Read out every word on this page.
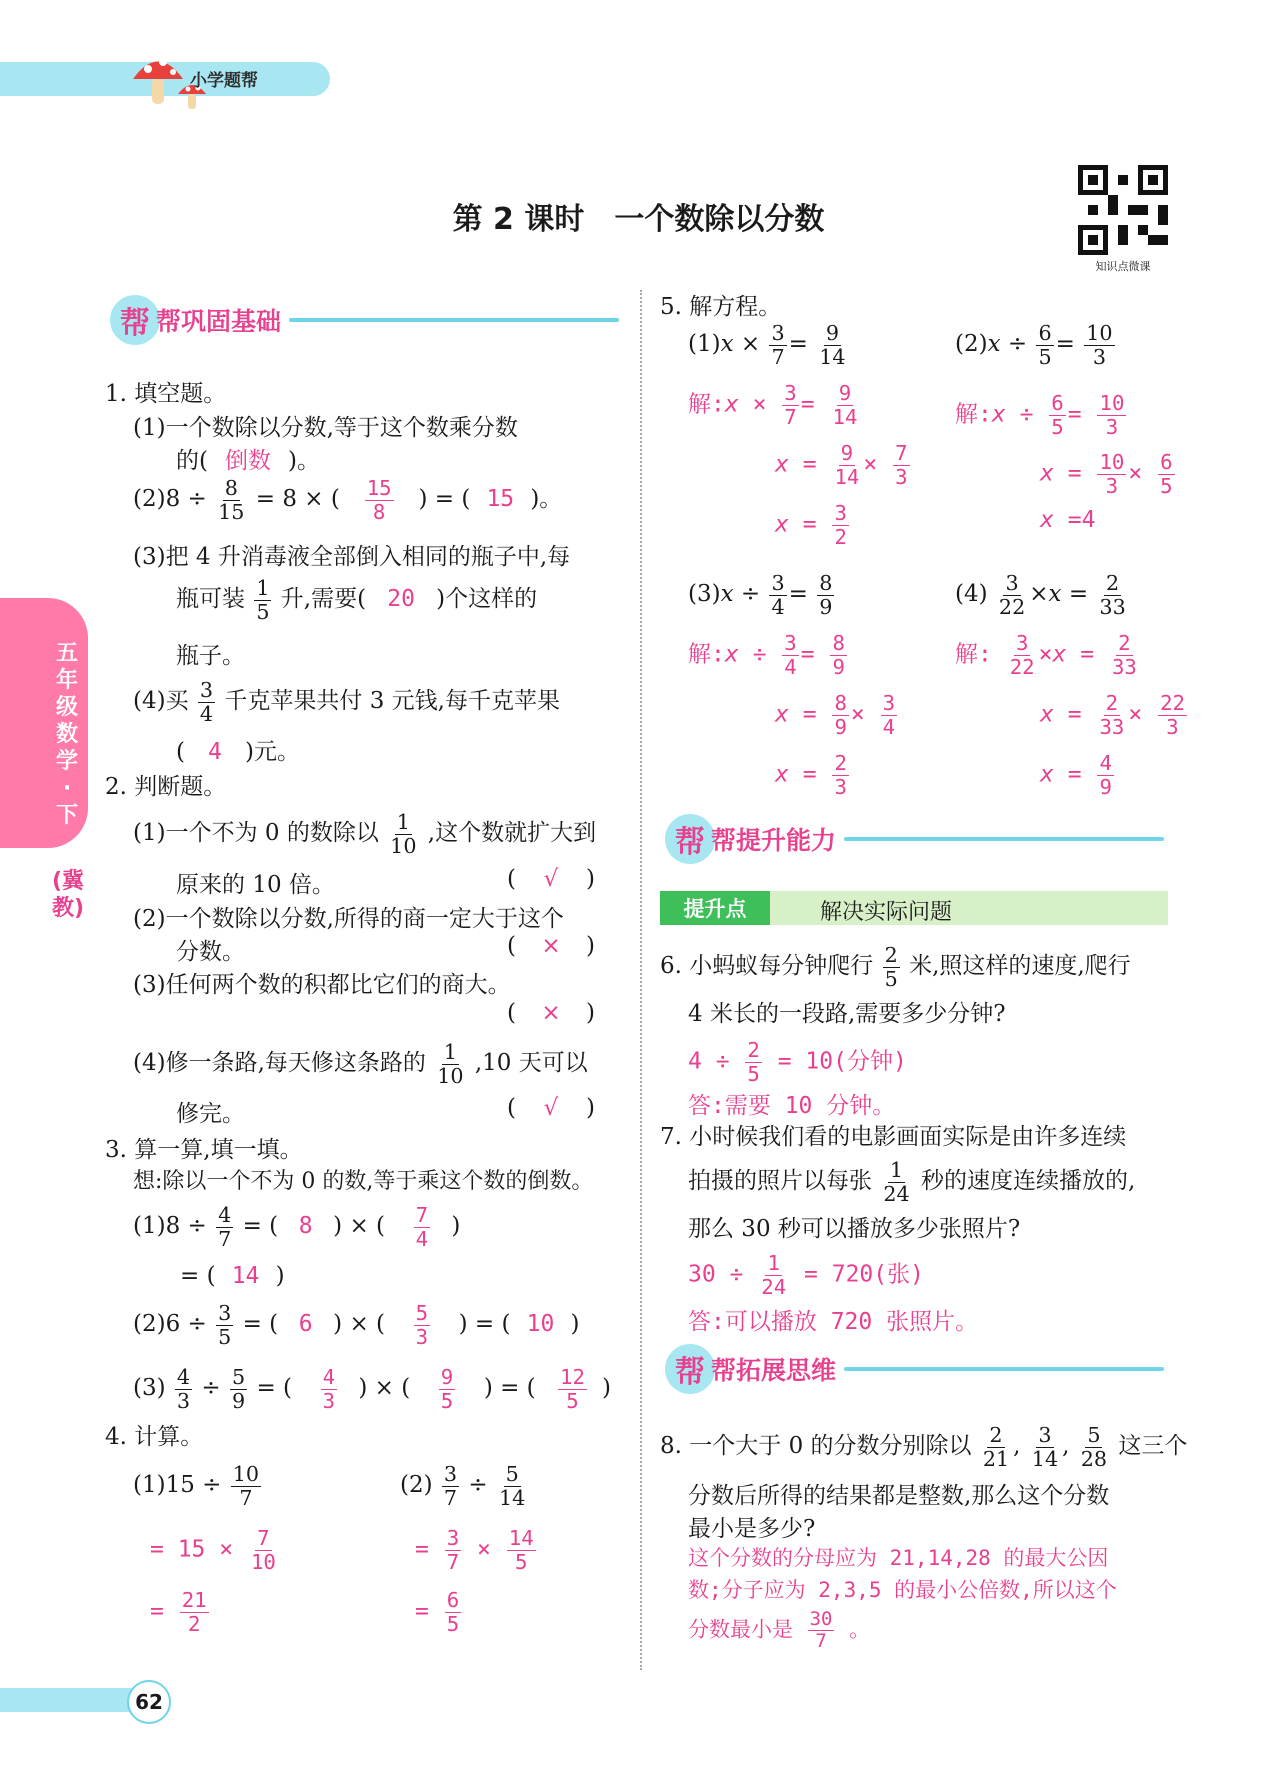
小学题帮
第 2 课时　一个数除以分数
知识点微课
五年级数学·下
(冀教)
帮 帮巩固基础
1. 填空题。
(1)一个数除以分数,等于这个数乘分数
的( 倒数 )。
$(2)8 \div \frac{8}{15} = 8$ × ( $\frac{15}{8}$ ) = ( 15 )。
(3)把 4 升消毒液全部倒入相同的瓶子中,每
瓶可装 $\frac{1}{5}$ 升,需要( 20 )个这样的
瓶子。
(4)买 $\frac{3}{4}$ 千克苹果共付 3 元钱,每千克苹果
( 4 )元。
2. 判断题。
(1)一个不为 0 的数除以 $\frac{1}{10}$ ,这个数就扩大到
原来的 10 倍。	( √ )
(2)一个数除以分数,所得的商一定大于这个
分数。	( × )
(3)任何两个数的积都比它们的商大。
( × )
(4)修一条路,每天修这条路的 $\frac{1}{10} ,10$ 天可以
修完。	( √ )
3. 算一算,填一填。
想:除以一个不为 0 的数,等于乘这个数的倒数。
$(1)8 \div \frac{4}{7}$ = ( 8 ) × ( $\frac{7}{4}$ )
= ( 14 )
$(2)6 \div \frac{3}{5}$ = ( 6 ) × ( $\frac{5}{3}$ ) = ( 10 )
$(3) \frac{4}{3} \div \frac{5}{9}$ = ( $\frac{4}{3}$ ) × ( $\frac{9}{5}$ ) = ( $\frac{12}{5}$ )
4. 计算。
$(1)15 \div \frac{10}{7}$
= $15 \times \frac{7}{10}$
= $\frac{21}{2}$
$(2) \frac{3}{7} \div \frac{5}{14}$
= $\frac{3}{7} \times \frac{14}{5}$
= $\frac{6}{5}$
5. 解方程。
$(1)x \times \frac{3}{7} = \frac{9}{14}$
解:x × $\frac{3}{7} = \frac{9}{14}$
$x = \frac{9}{14} \times \frac{7}{3}$
$x = \frac{3}{2}$
$(2)x \div \frac{6}{5} = \frac{10}{3}$
解:x ÷ $\frac{6}{5} = \frac{10}{3}$
$x = \frac{10}{3} \times \frac{6}{5}$
x =4
$(3)x \div \frac{3}{4} = \frac{8}{9}$
解:x ÷ $\frac{3}{4} = \frac{8}{9}$
$x = \frac{8}{9} \times \frac{3}{4}$
$x = \frac{2}{3}$
$(4) \frac{3}{22} \times x = \frac{2}{33}$
解: $\frac{3}{22} \times x = \frac{2}{33}$
$x = \frac{2}{33} \times \frac{22}{3}$
$x = \frac{4}{9}$
帮 帮提升能力
提升点	解决实际问题
6. 小蚂蚁每分钟爬行 $\frac{2}{5}$ 米,照这样的速度,爬行
4 米长的一段路,需要多少分钟?
$4 \div \frac{2}{5} = 10$(分钟)
答:需要 10 分钟。
7. 小时候我们看的电影画面实际是由许多连续
拍摄的照片以每张 $\frac{1}{24}$ 秒的速度连续播放的,
那么 30 秒可以播放多少张照片?
$30 \div \frac{1}{24} = 720$(张)
答:可以播放 720 张照片。
帮 帮拓展思维
8. 一个大于 0 的分数分别除以 $\frac{2}{21}$ , $\frac{3}{14}$ , $\frac{5}{28}$ 这三个
分数后所得的结果都是整数,那么这个分数
最小是多少?
这个分数的分母应为 21,14,28 的最大公因
数;分子应为 2,3,5 的最小公倍数,所以这个
分数最小是 $\frac{30}{7}$ 。
62
